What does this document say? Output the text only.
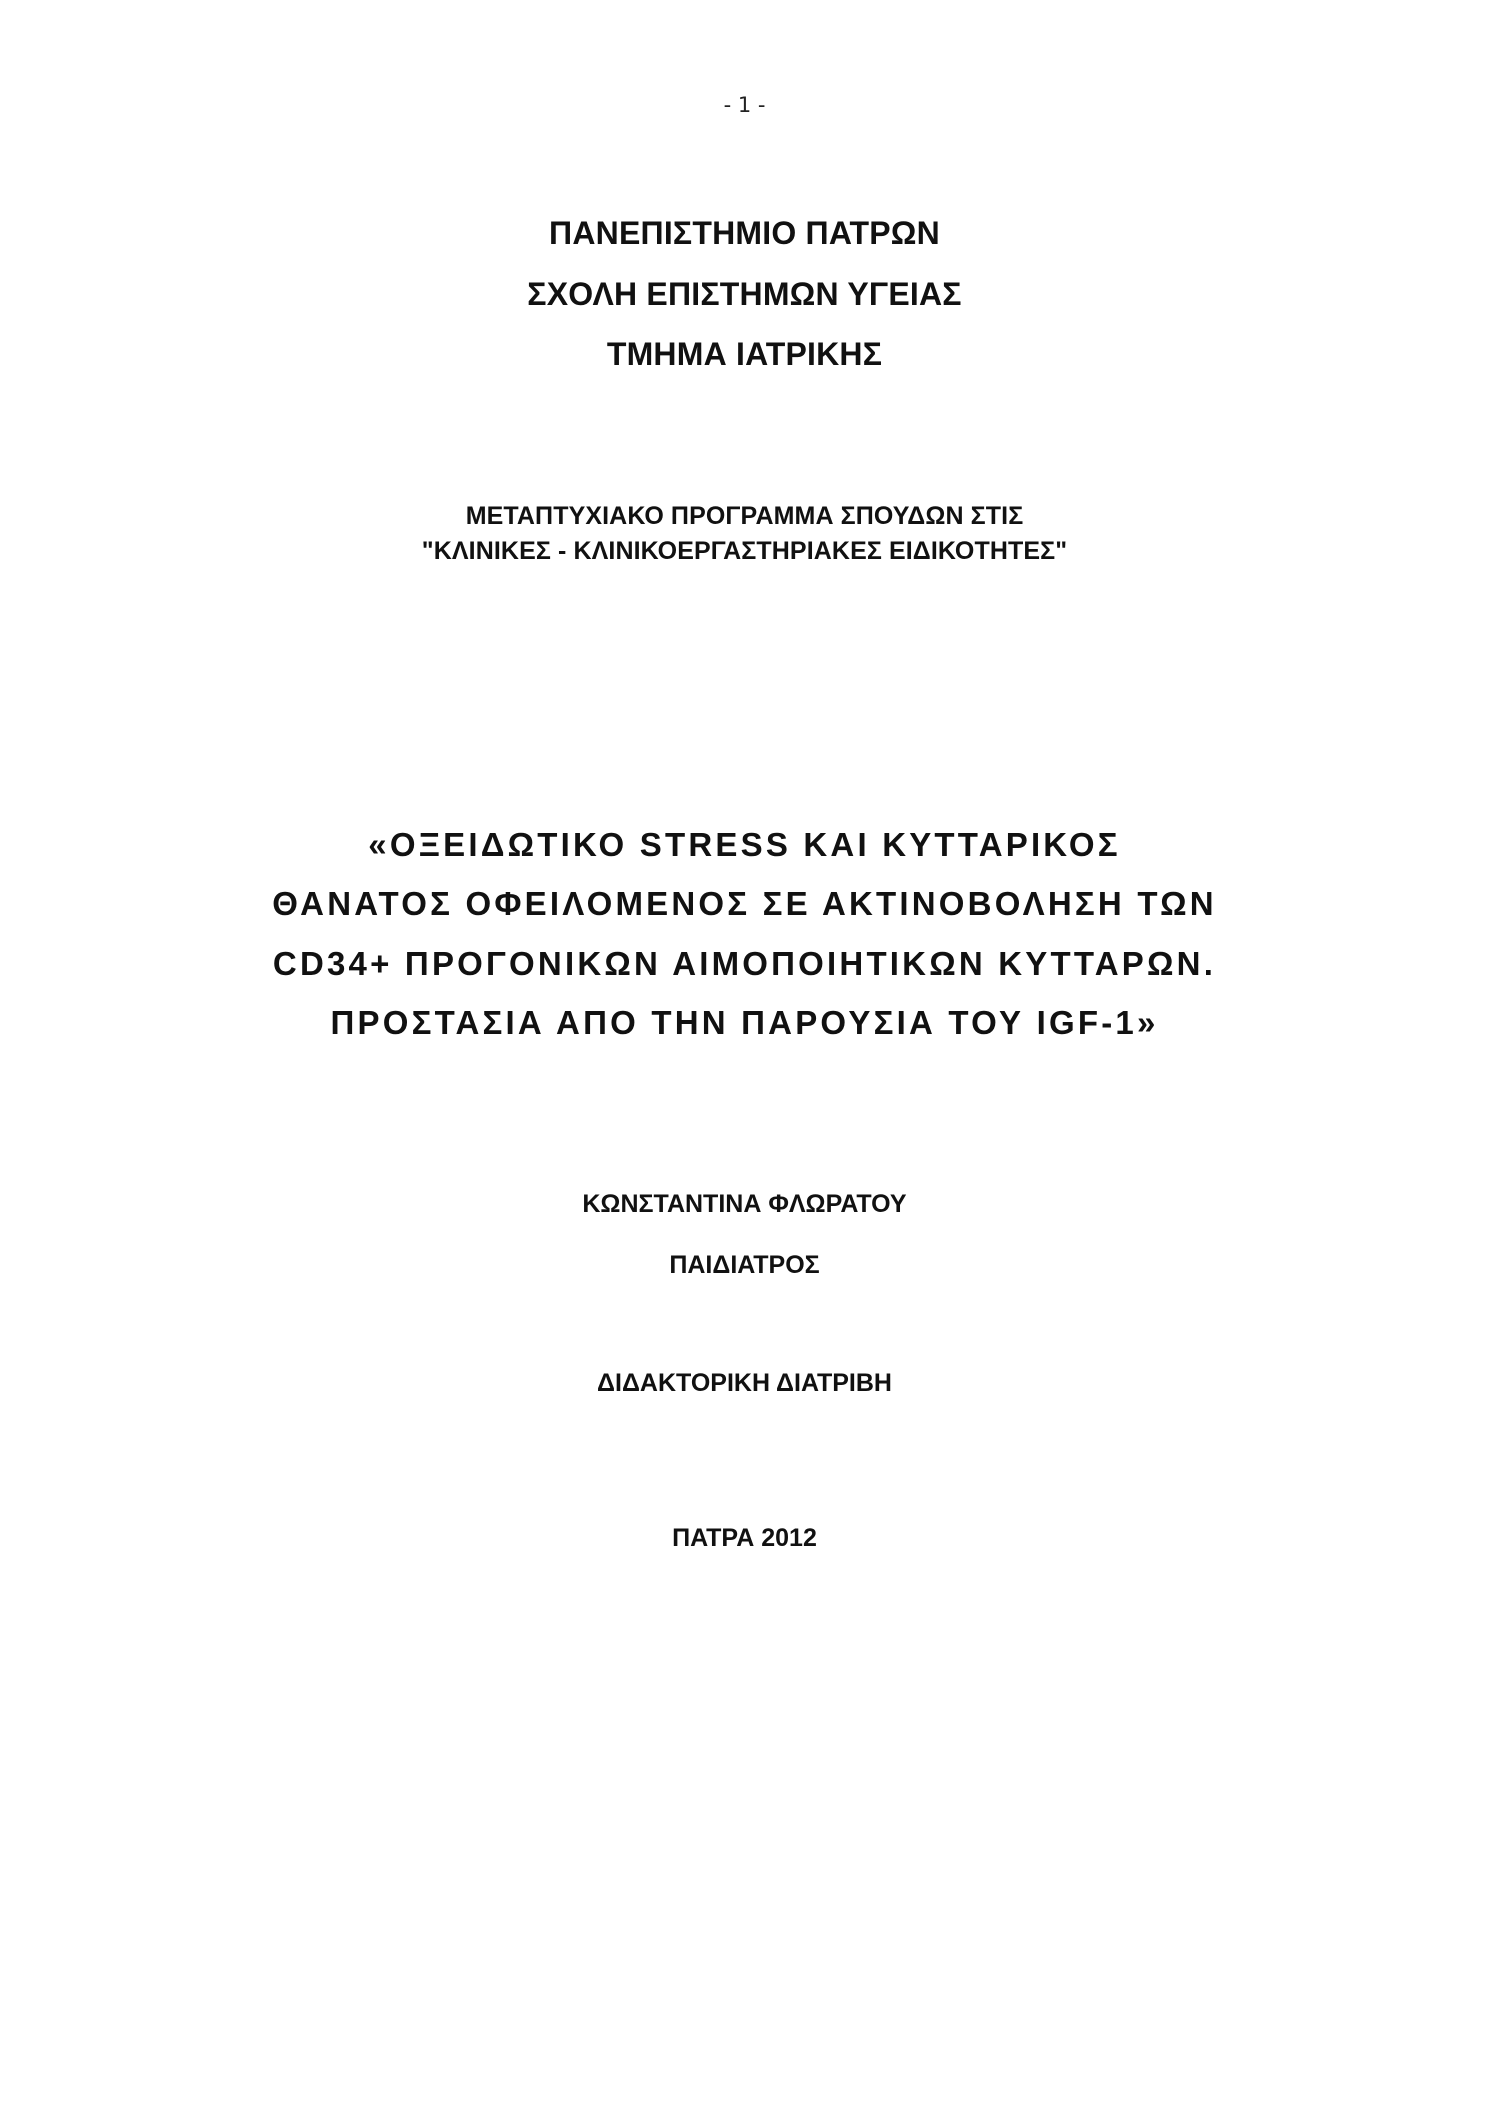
- 1 -
ΠΑΝΕΠΙΣΤΗΜΙΟ ΠΑΤΡΩΝ
ΣΧΟΛΗ ΕΠΙΣΤΗΜΩΝ ΥΓΕΙΑΣ
ΤΜΗΜΑ ΙΑΤΡΙΚΗΣ
ΜΕΤΑΠΤΥΧΙΑΚΟ ΠΡΟΓΡΑΜΜΑ ΣΠΟΥΔΩΝ ΣΤΙΣ
"ΚΛΙΝΙΚΕΣ - ΚΛΙΝΙΚΟΕΡΓΑΣΤΗΡΙΑΚΕΣ ΕΙΔΙΚΟΤΗΤΕΣ"
«ΟΞΕΙΔΩΤΙΚΟ STRESS ΚΑΙ ΚΥΤΤΑΡΙΚΟΣ
ΘΑΝΑΤΟΣ ΟΦΕΙΛΟΜΕΝΟΣ ΣΕ ΑΚΤΙΝΟΒΟΛΗΣΗ ΤΩΝ
CD34+ ΠΡΟΓΟΝΙΚΩΝ ΑΙΜΟΠΟΙΗΤΙΚΩΝ ΚΥΤΤΑΡΩΝ.
ΠΡΟΣΤΑΣΙΑ ΑΠΟ ΤΗΝ ΠΑΡΟΥΣΙΑ ΤΟΥ IGF-1»
ΚΩΝΣΤΑΝΤΙΝΑ ΦΛΩΡΑΤΟΥ
ΠΑΙΔΙΑΤΡΟΣ
ΔΙΔΑΚΤΟΡΙΚΗ ΔΙΑΤΡΙΒΗ
ΠΑΤΡΑ 2012
